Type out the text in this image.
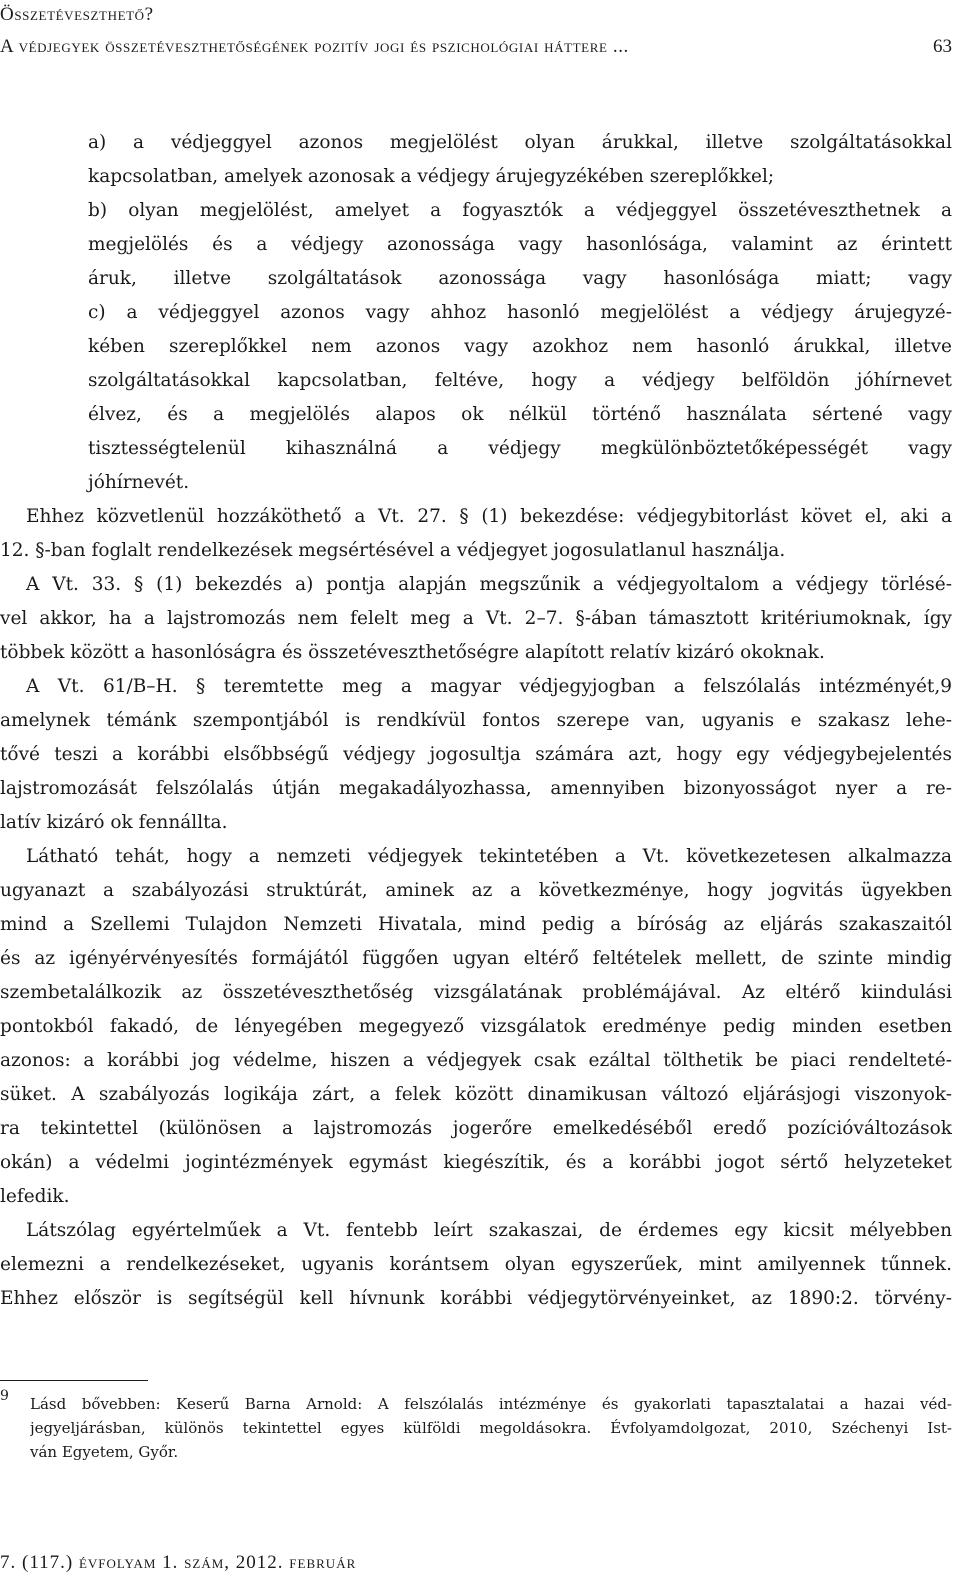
Összetéveszthető?
A védjegyek összetéveszthetőségének pozitív jogi és pszichológiai háttere ...	63
a) a védjeggyel azonos megjelölést olyan árukkal, illetve szolgáltatásokkal
kapcsolatban, amelyek azonosak a védjegy árujegyzékében szereplőkkel;
b) olyan megjelölést, amelyet a fogyasztók a védjeggyel összetéveszthetnek a
megjelölés és a védjegy azonossága vagy hasonlósága, valamint az érintett
áruk, illetve szolgáltatások azonossága vagy hasonlósága miatt; vagy
c) a védjeggyel azonos vagy ahhoz hasonló megjelölést a védjegy árujegyzé-
kében szereplőkkel nem azonos vagy azokhoz nem hasonló árukkal, illetve
szolgáltatásokkal kapcsolatban, feltéve, hogy a védjegy belföldön jóhírnevet
élvez, és a megjelölés alapos ok nélkül történő használata sértené vagy
tisztességtelenül kihasználná a védjegy megkülönböztetőképességét vagy
jóhírnevét.
Ehhez közvetlenül hozzáköthető a Vt. 27. § (1) bekezdése: védjegybitorlást követ el, aki a
12. §-ban foglalt rendelkezések megsértésével a védjegyet jogosulatlanul használja.
A Vt. 33. § (1) bekezdés a) pontja alapján megszűnik a védjegyoltalom a védjegy törlésé-
vel akkor, ha a lajstromozás nem felelt meg a Vt. 2–7. §-ában támasztott kritériumoknak, így
többek között a hasonlóságra és összetéveszthetőségre alapított relatív kizáró okoknak.
A Vt. 61/B–H. § teremtette meg a magyar védjegyjogban a felszólalás intézményét,9
amelynek témánk szempontjából is rendkívül fontos szerepe van, ugyanis e szakasz lehe-
tővé teszi a korábbi elsőbbségű védjegy jogosultja számára azt, hogy egy védjegybejelentés
lajstromozását felszólalás útján megakadályozhassa, amennyiben bizonyosságot nyer a re-
latív kizáró ok fennállta.
Látható tehát, hogy a nemzeti védjegyek tekintetében a Vt. következetesen alkalmazza
ugyanazt a szabályozási struktúrát, aminek az a következménye, hogy jogvitás ügyekben
mind a Szellemi Tulajdon Nemzeti Hivatala, mind pedig a bíróság az eljárás szakaszaitól
és az igényérvényesítés formájától függően ugyan eltérő feltételek mellett, de szinte mindig
szembetalálkozik az összetéveszthetőség vizsgálatának problémájával. Az eltérő kiindulási
pontokból fakadó, de lényegében megegyező vizsgálatok eredménye pedig minden esetben
azonos: a korábbi jog védelme, hiszen a védjegyek csak ezáltal tölthetik be piaci rendelteté-
süket. A szabályozás logikája zárt, a felek között dinamikusan változó eljárásjogi viszonyok-
ra tekintettel (különösen a lajstromozás jogerőre emelkedéséből eredő pozícióváltozások
okán) a védelmi jogintézmények egymást kiegészítik, és a korábbi jogot sértő helyzeteket
lefedik.
Látszólag egyértelműek a Vt. fentebb leírt szakaszai, de érdemes egy kicsit mélyebben
elemezni a rendelkezéseket, ugyanis korántsem olyan egyszerűek, mint amilyennek tűnnek.
Ehhez először is segítségül kell hívnunk korábbi védjegytörvényeinket, az 1890:2. törvény-
9 Lásd bővebben: Keserű Barna Arnold: A felszólalás intézménye és gyakorlati tapasztalatai a hazai véd-
jegyeljárásban, különös tekintettel egyes külföldi megoldásokra. Évfolyamdolgozat, 2010, Széchenyi Ist-
ván Egyetem, Győr.
7. (117.) évfolyam 1. szám, 2012. február
